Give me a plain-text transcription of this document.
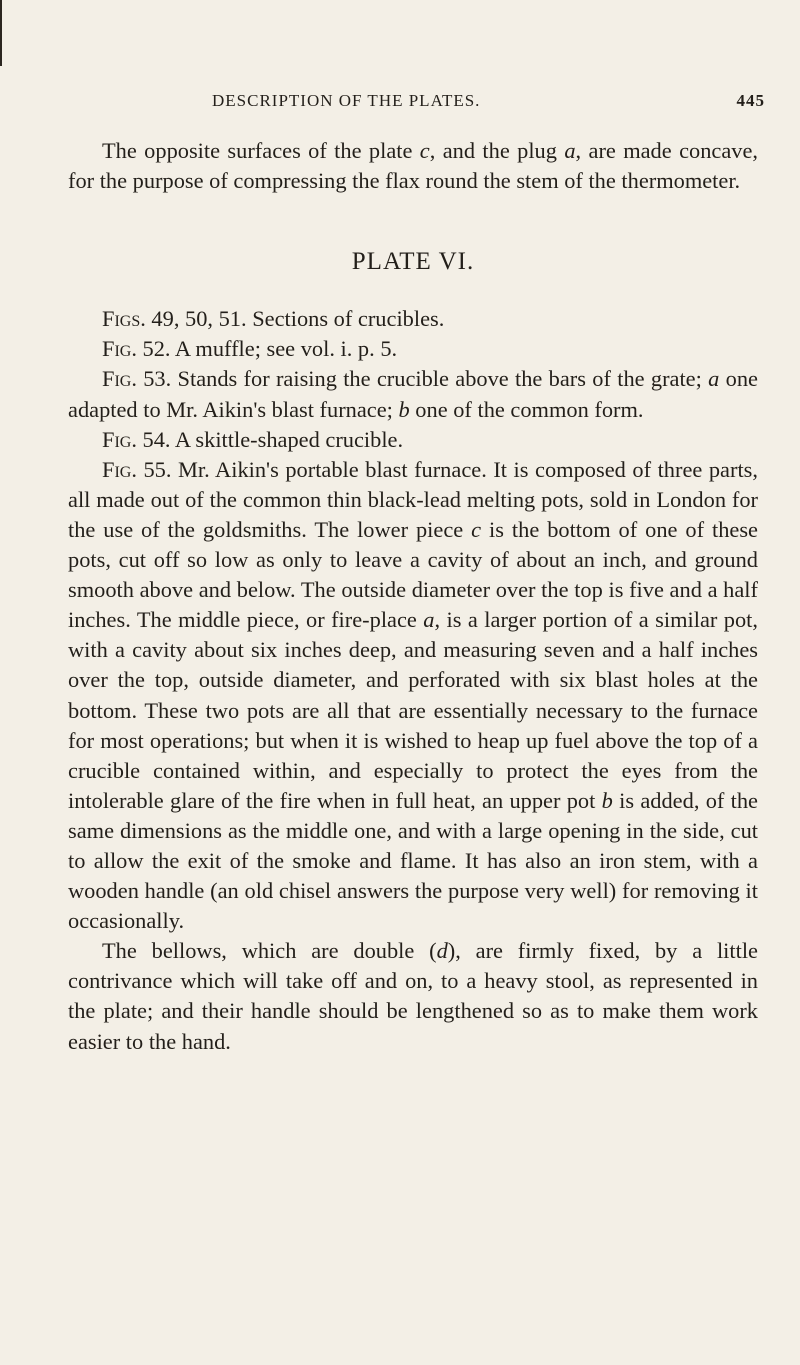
DESCRIPTION OF THE PLATES.	445

The opposite surfaces of the plate c, and the plug a, are made concave, for the purpose of compressing the flax round the stem of the thermometer.

PLATE VI.

Figs. 49, 50, 51. Sections of crucibles.

Fig. 52. A muffle; see vol. i. p. 5.

Fig. 53. Stands for raising the crucible above the bars of the grate; a one adapted to Mr. Aikin's blast furnace; b one of the common form.

Fig. 54. A skittle-shaped crucible.

Fig. 55. Mr. Aikin's portable blast furnace. It is composed of three parts, all made out of the common thin black-lead melting pots, sold in London for the use of the goldsmiths. The lower piece c is the bottom of one of these pots, cut off so low as only to leave a cavity of about an inch, and ground smooth above and below. The outside diameter over the top is five and a half inches. The middle piece, or fire-place a, is a larger portion of a similar pot, with a cavity about six inches deep, and measuring seven and a half inches over the top, outside diameter, and perforated with six blast holes at the bottom. These two pots are all that are essentially necessary to the furnace for most operations; but when it is wished to heap up fuel above the top of a crucible contained within, and especially to protect the eyes from the intolerable glare of the fire when in full heat, an upper pot b is added, of the same dimensions as the middle one, and with a large opening in the side, cut to allow the exit of the smoke and flame. It has also an iron stem, with a wooden handle (an old chisel answers the purpose very well) for removing it occasionally.

The bellows, which are double (d), are firmly fixed, by a little contrivance which will take off and on, to a heavy stool, as represented in the plate; and their handle should be lengthened so as to make them work easier to the hand.
